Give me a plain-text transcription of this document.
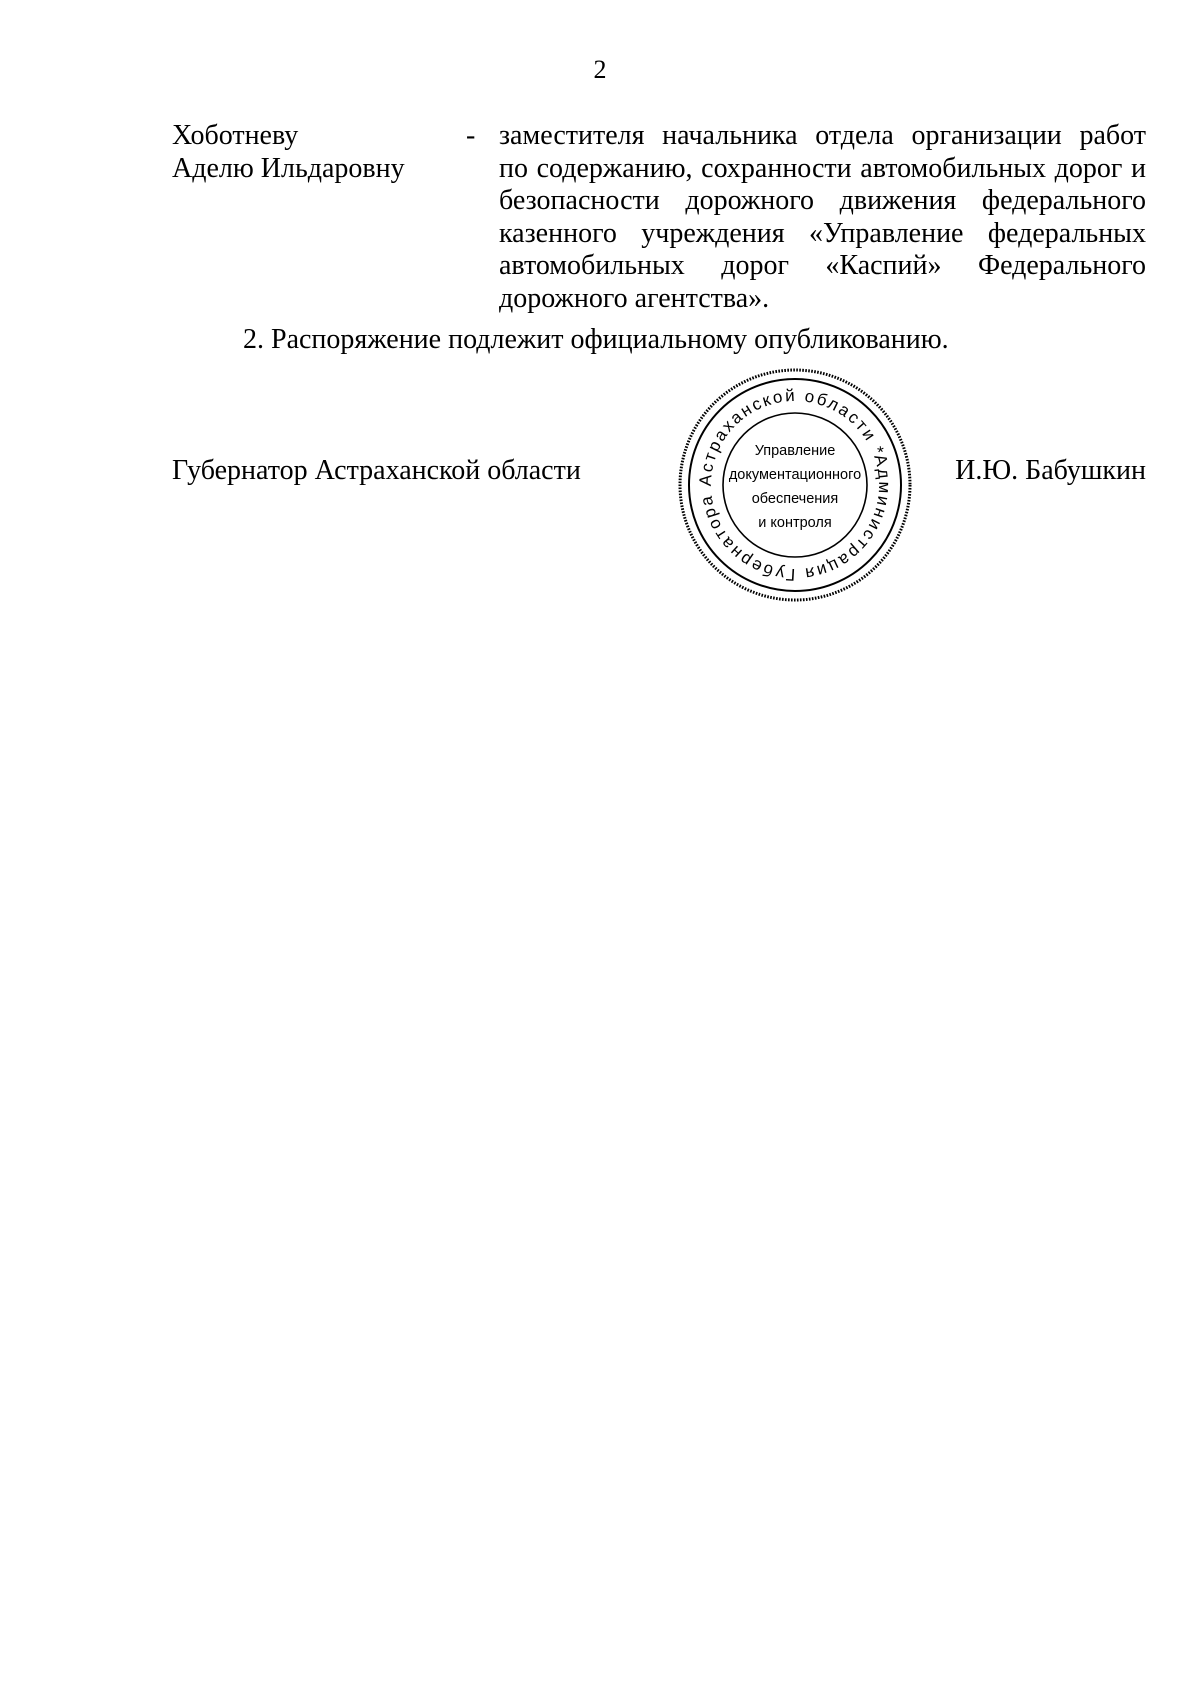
2
Хоботневу
Аделю Ильдаровну
- заместителя начальника отдела организации работ
по содержанию, сохранности автомобильных дорог и
безопасности дорожного движения федерального
казенного учреждения «Управление федеральных
автомобильных дорог «Каспий» Федерального
дорожного агентства».
2. Распоряжение подлежит официальному опубликованию.
Губернатор Астраханской области	Администрация Губернатора Астраханской области *
Управление
документационного
обеспечения
и контроля
И.Ю. Бабушкин
